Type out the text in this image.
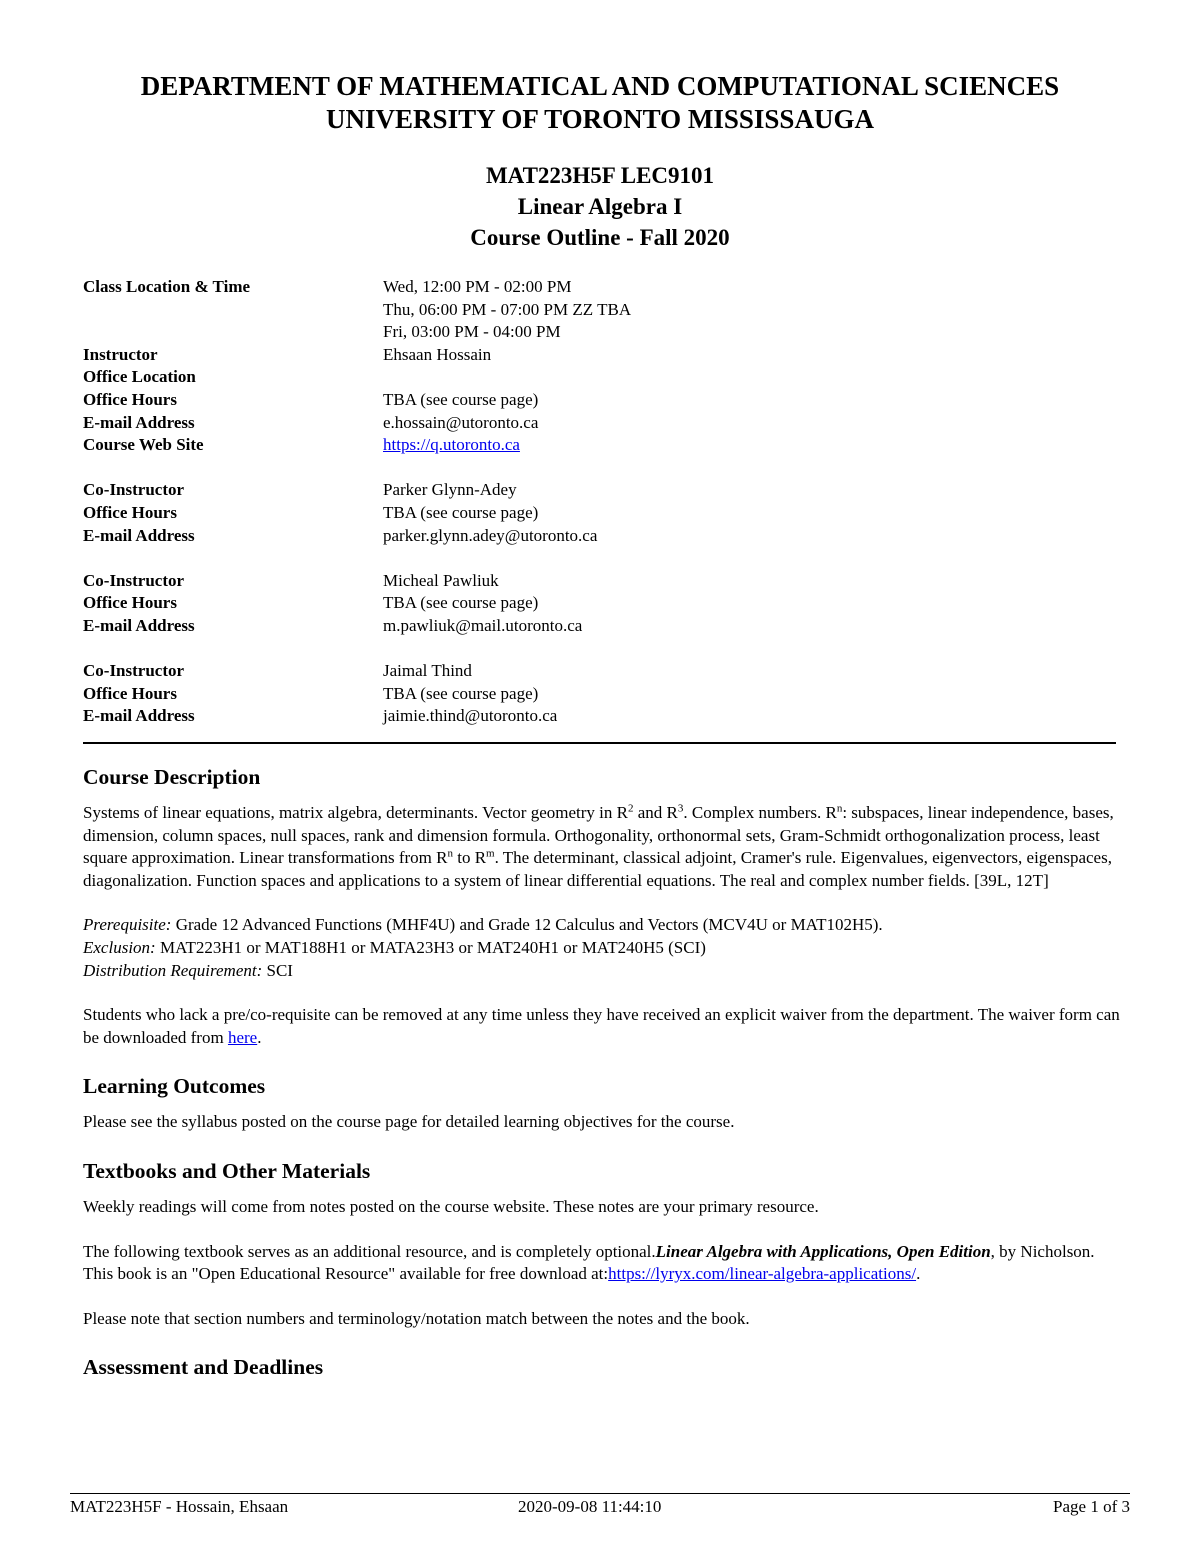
DEPARTMENT OF MATHEMATICAL AND COMPUTATIONAL SCIENCES
UNIVERSITY OF TORONTO MISSISSAUGA
MAT223H5F LEC9101
Linear Algebra I
Course Outline - Fall 2020
Class Location & Time	Wed, 12:00 PM - 02:00 PM
Thu, 06:00 PM - 07:00 PM ZZ TBA
Fri, 03:00 PM - 04:00 PM
Instructor	Ehsaan Hossain
Office Location
Office Hours	TBA (see course page)
E-mail Address	e.hossain@utoronto.ca
Course Web Site	https://q.utoronto.ca
Co-Instructor	Parker Glynn-Adey
Office Hours	TBA (see course page)
E-mail Address	parker.glynn.adey@utoronto.ca
Co-Instructor	Micheal Pawliuk
Office Hours	TBA (see course page)
E-mail Address	m.pawliuk@mail.utoronto.ca
Co-Instructor	Jaimal Thind
Office Hours	TBA (see course page)
E-mail Address	jaimie.thind@utoronto.ca
Course Description

Systems of linear equations, matrix algebra, determinants. Vector geometry in $R^2$ and $R^3$. Complex numbers. $R^n$: subspaces, linear independence, bases, dimension, column spaces, null spaces, rank and dimension formula. Orthogonality, orthonormal sets, Gram-Schmidt orthogonalization process, least square approximation. Linear transformations from $R^n$ to $R^m$. The determinant, classical adjoint, Cramer's rule. Eigenvalues, eigenvectors, eigenspaces, diagonalization. Function spaces and applications to a system of linear differential equations. The real and complex number fields. [39L, 12T]

Prerequisite: Grade 12 Advanced Functions (MHF4U) and Grade 12 Calculus and Vectors (MCV4U or MAT102H5).
Exclusion: MAT223H1 or MAT188H1 or MATA23H3 or MAT240H1 or MAT240H5 (SCI)
Distribution Requirement: SCI

Students who lack a pre/co-requisite can be removed at any time unless they have received an explicit waiver from the department. The waiver form can be downloaded from here.

Learning Outcomes

Please see the syllabus posted on the course page for detailed learning objectives for the course.

Textbooks and Other Materials

Weekly readings will come from notes posted on the course website. These notes are your primary resource.

The following textbook serves as an additional resource, and is completely optional.Linear Algebra with Applications, Open Edition, by Nicholson. This book is an "Open Educational Resource" available for free download at:https://lyryx.com/linear-algebra-applications/.

Please note that section numbers and terminology/notation match between the notes and the book.

Assessment and Deadlines
MAT223H5F - Hossain, Ehsaan	2020-09-08 11:44:10	Page 1 of 3
